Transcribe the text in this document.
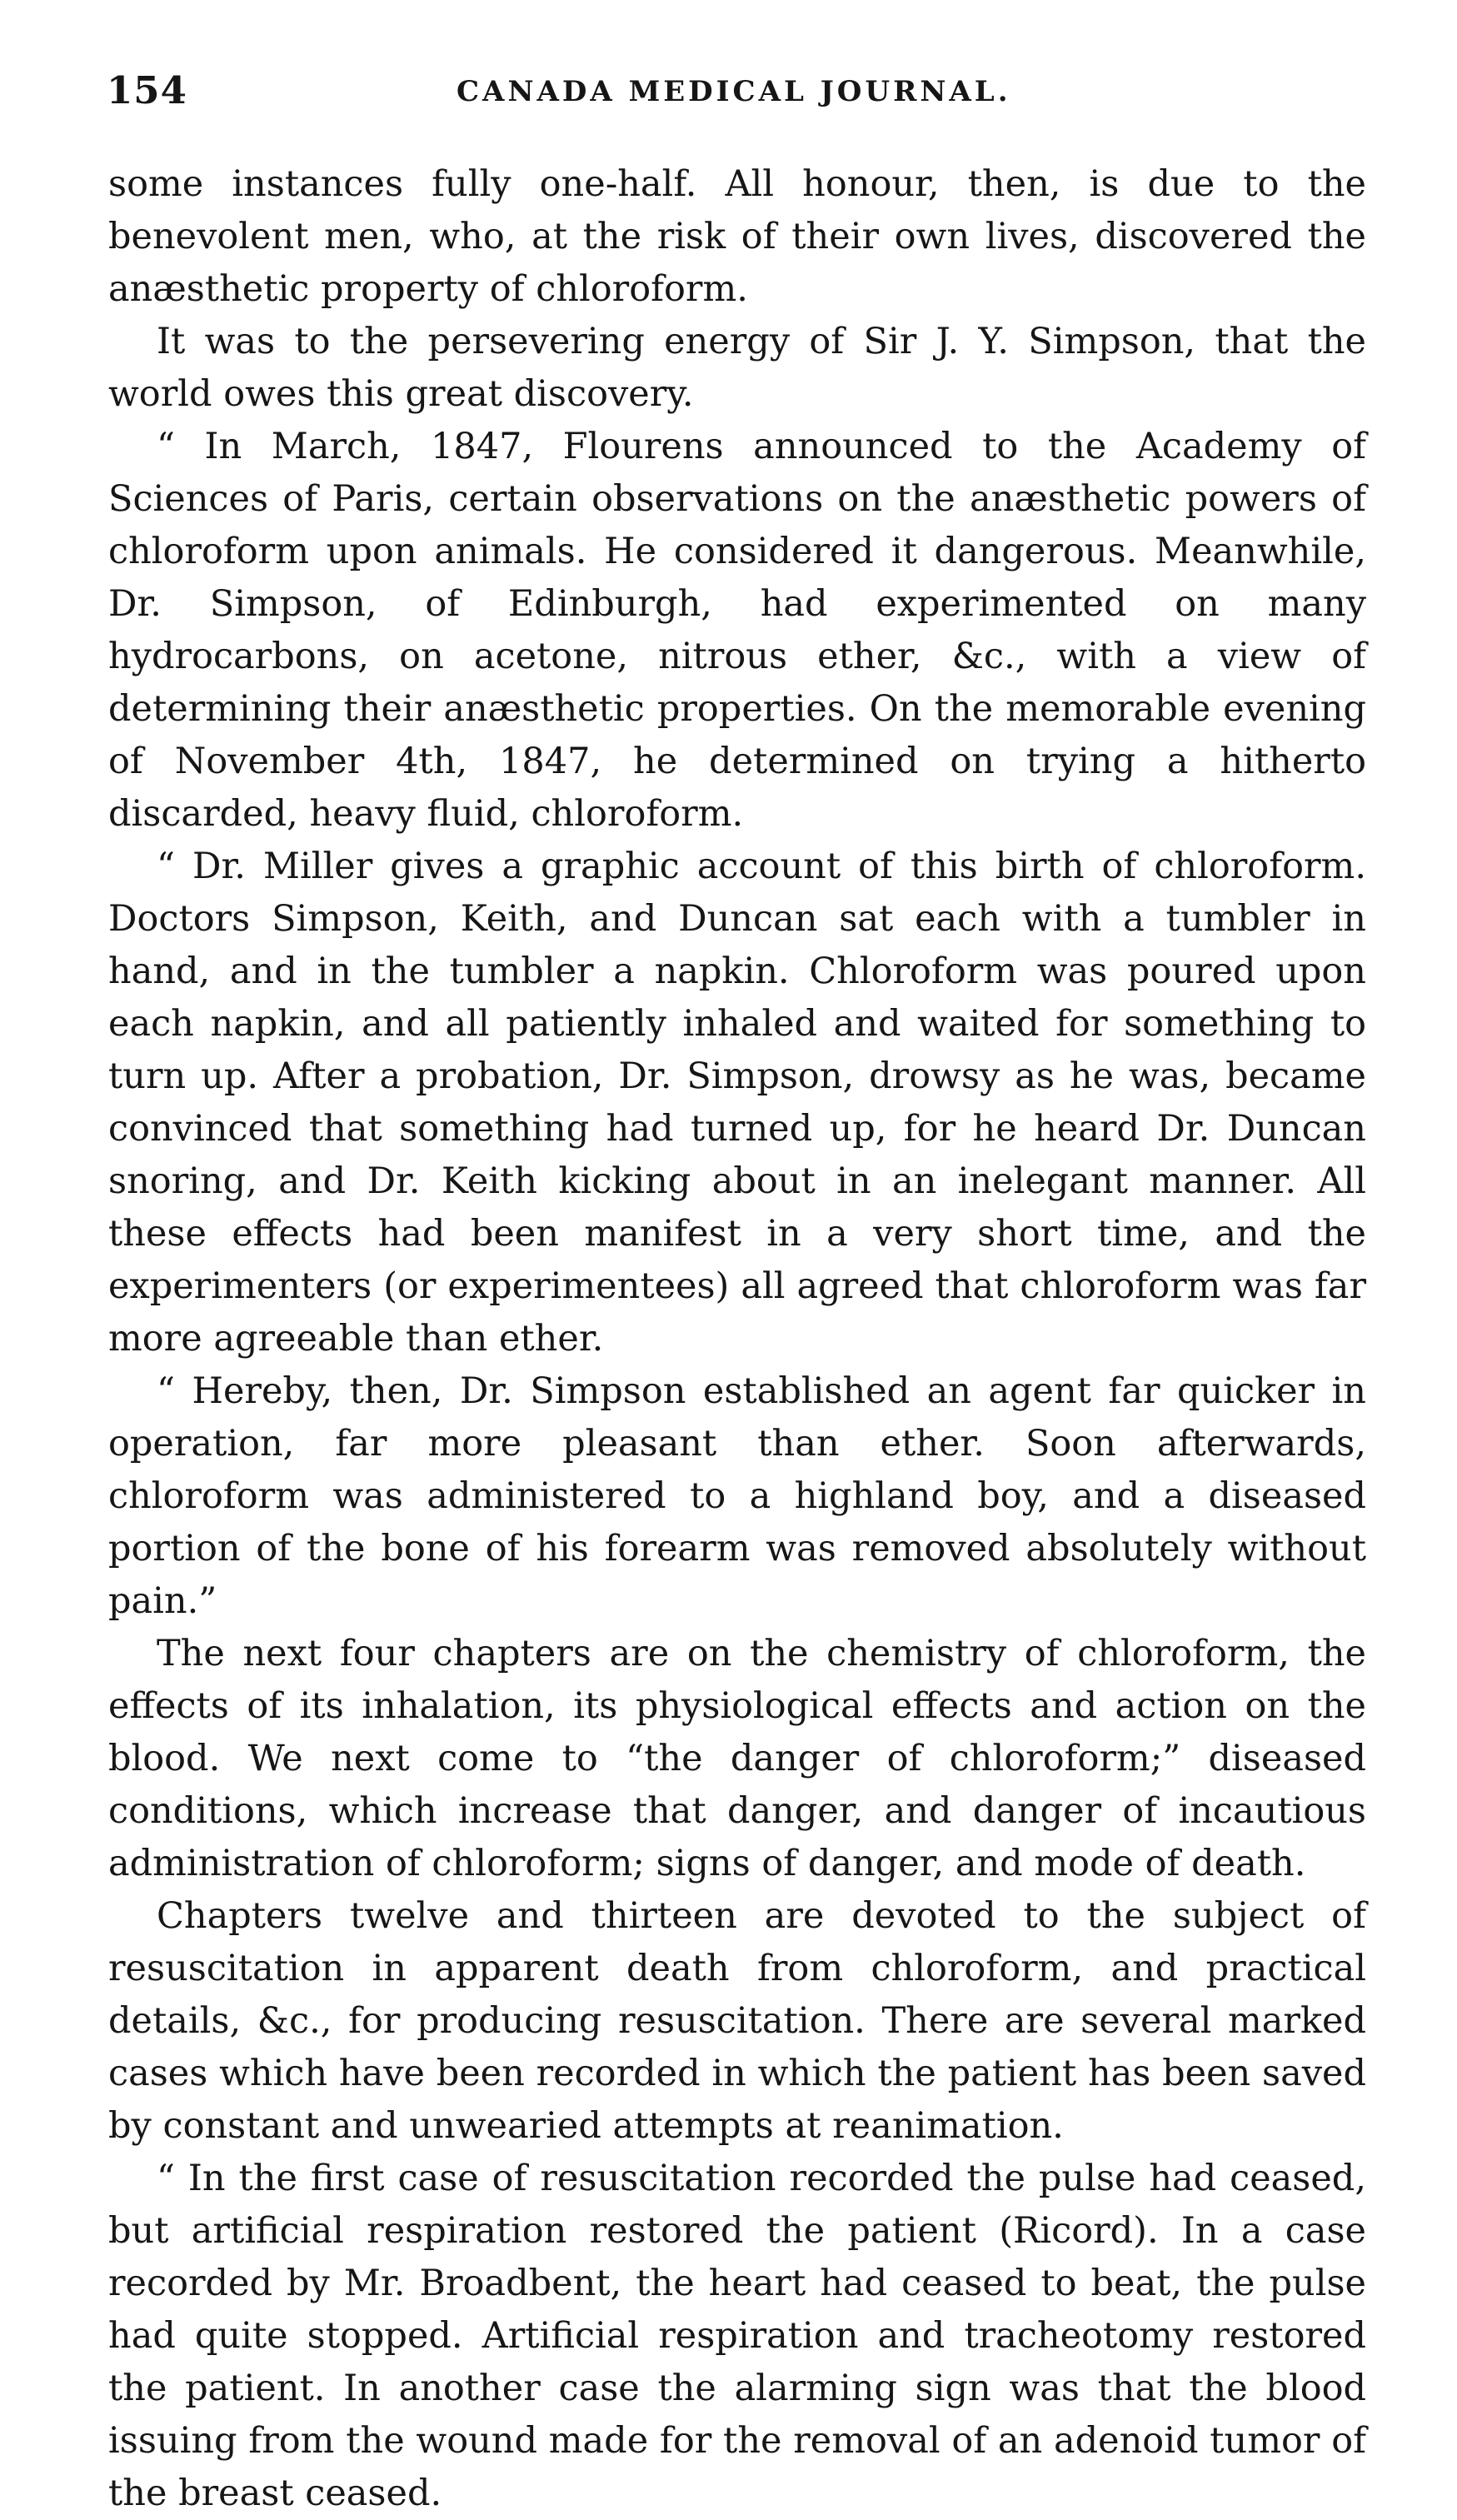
154	CANADA MEDICAL JOURNAL.

some instances fully one-half. All honour, then, is due to the benevolent men, who, at the risk of their own lives, discovered the anæsthetic property of chloroform.

It was to the persevering energy of Sir J. Y. Simpson, that the world owes this great discovery.

“ In March, 1847, Flourens announced to the Academy of Sciences of Paris, certain observations on the anæsthetic powers of chloroform upon animals. He considered it dangerous. Meanwhile, Dr. Simpson, of Edinburgh, had experimented on many hydrocarbons, on acetone, nitrous ether, &c., with a view of determining their anæsthetic properties. On the memorable evening of November 4th, 1847, he determined on trying a hitherto discarded, heavy fluid, chloroform.

“ Dr. Miller gives a graphic account of this birth of chloroform. Doctors Simpson, Keith, and Duncan sat each with a tumbler in hand, and in the tumbler a napkin. Chloroform was poured upon each napkin, and all patiently inhaled and waited for something to turn up. After a probation, Dr. Simpson, drowsy as he was, became convinced that something had turned up, for he heard Dr. Duncan snoring, and Dr. Keith kicking about in an inelegant manner. All these effects had been manifest in a very short time, and the experimenters (or experimentees) all agreed that chloroform was far more agreeable than ether.

“ Hereby, then, Dr. Simpson established an agent far quicker in operation, far more pleasant than ether. Soon afterwards, chloroform was administered to a highland boy, and a diseased portion of the bone of his forearm was removed absolutely without pain.”

The next four chapters are on the chemistry of chloroform, the effects of its inhalation, its physiological effects and action on the blood. We next come to “the danger of chloroform;” diseased conditions, which increase that danger, and danger of incautious administration of chloroform; signs of danger, and mode of death.

Chapters twelve and thirteen are devoted to the subject of resuscitation in apparent death from chloroform, and practical details, &c., for producing resuscitation. There are several marked cases which have been recorded in which the patient has been saved by constant and unwearied attempts at reanimation.

“ In the first case of resuscitation recorded the pulse had ceased, but artificial respiration restored the patient (Ricord). In a case recorded by Mr. Broadbent, the heart had ceased to beat, the pulse had quite stopped. Artificial respiration and tracheotomy restored the patient. In another case the alarming sign was that the blood issuing from the wound made for the removal of an adenoid tumor of the breast ceased.
